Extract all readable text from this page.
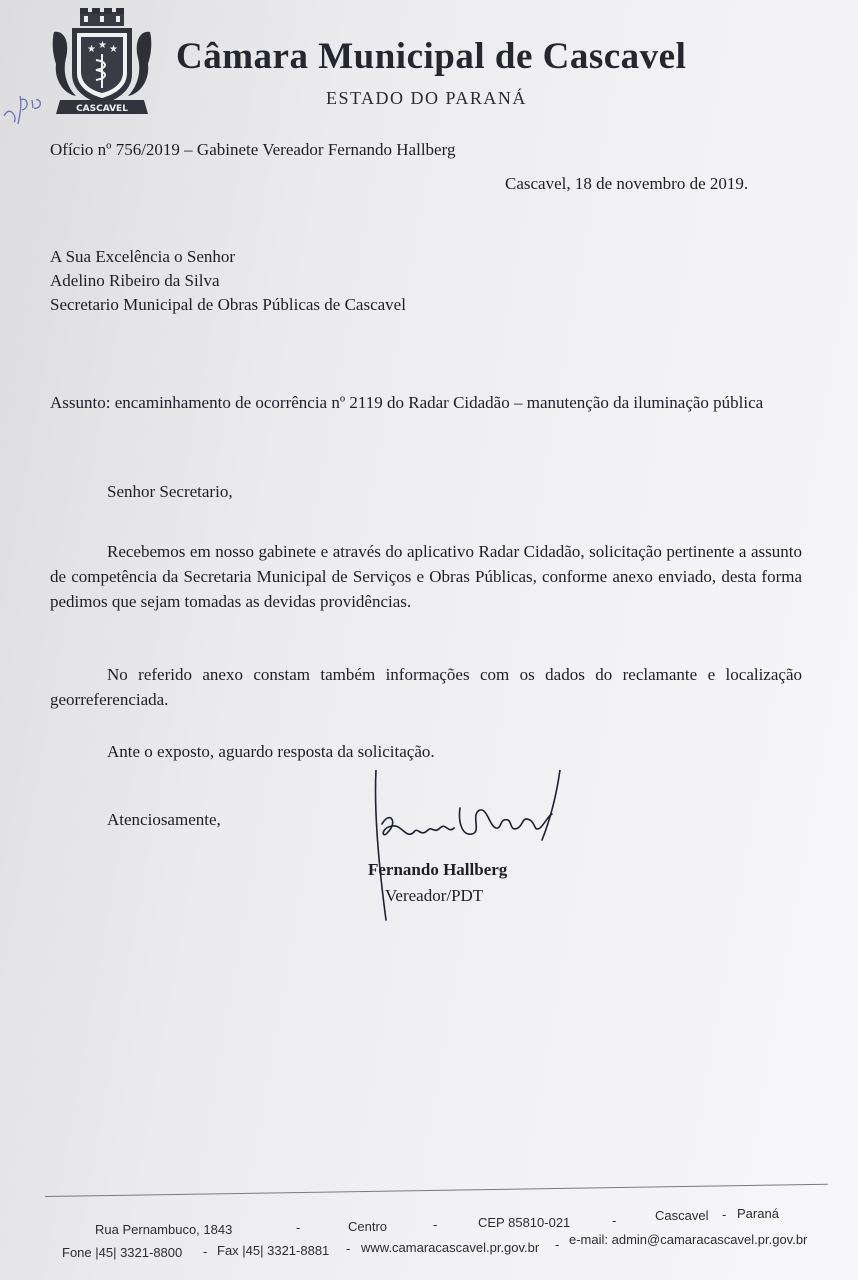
★ ★ ★
CASCAVEL
xpio
Câmara Municipal de Cascavel

ESTADO DO PARANÁ

Ofício nº 756/2019 – Gabinete Vereador Fernando Hallberg

Cascavel, 18 de novembro de 2019.

A Sua Excelência o Senhor

Adelino Ribeiro da Silva

Secretario Municipal de Obras Públicas de Cascavel

Assunto: encaminhamento de ocorrência nº 2119 do Radar Cidadão – manutenção da iluminação pública

Senhor Secretario,

Recebemos em nosso gabinete e através do aplicativo Radar Cidadão, solicitação pertinente a assunto de competência da Secretaria Municipal de Serviços e Obras Públicas, conforme anexo enviado, desta forma pedimos que sejam tomadas as devidas providências.

No referido anexo constam também informações com os dados do reclamante e localização georreferenciada.

Ante o exposto, aguardo resposta da solicitação.

Atenciosamente,

Fernando Hallberg

Vereador/PDT

Rua Pernambuco, 1843	-	Centro	-	CEP 85810-021	-	Cascavel - Paraná

Fone |45| 3321-8800 - Fax |45| 3321-8881 - www.camaracascavel.pr.gov.br - e-mail: admin@camaracascavel.pr.gov.br
